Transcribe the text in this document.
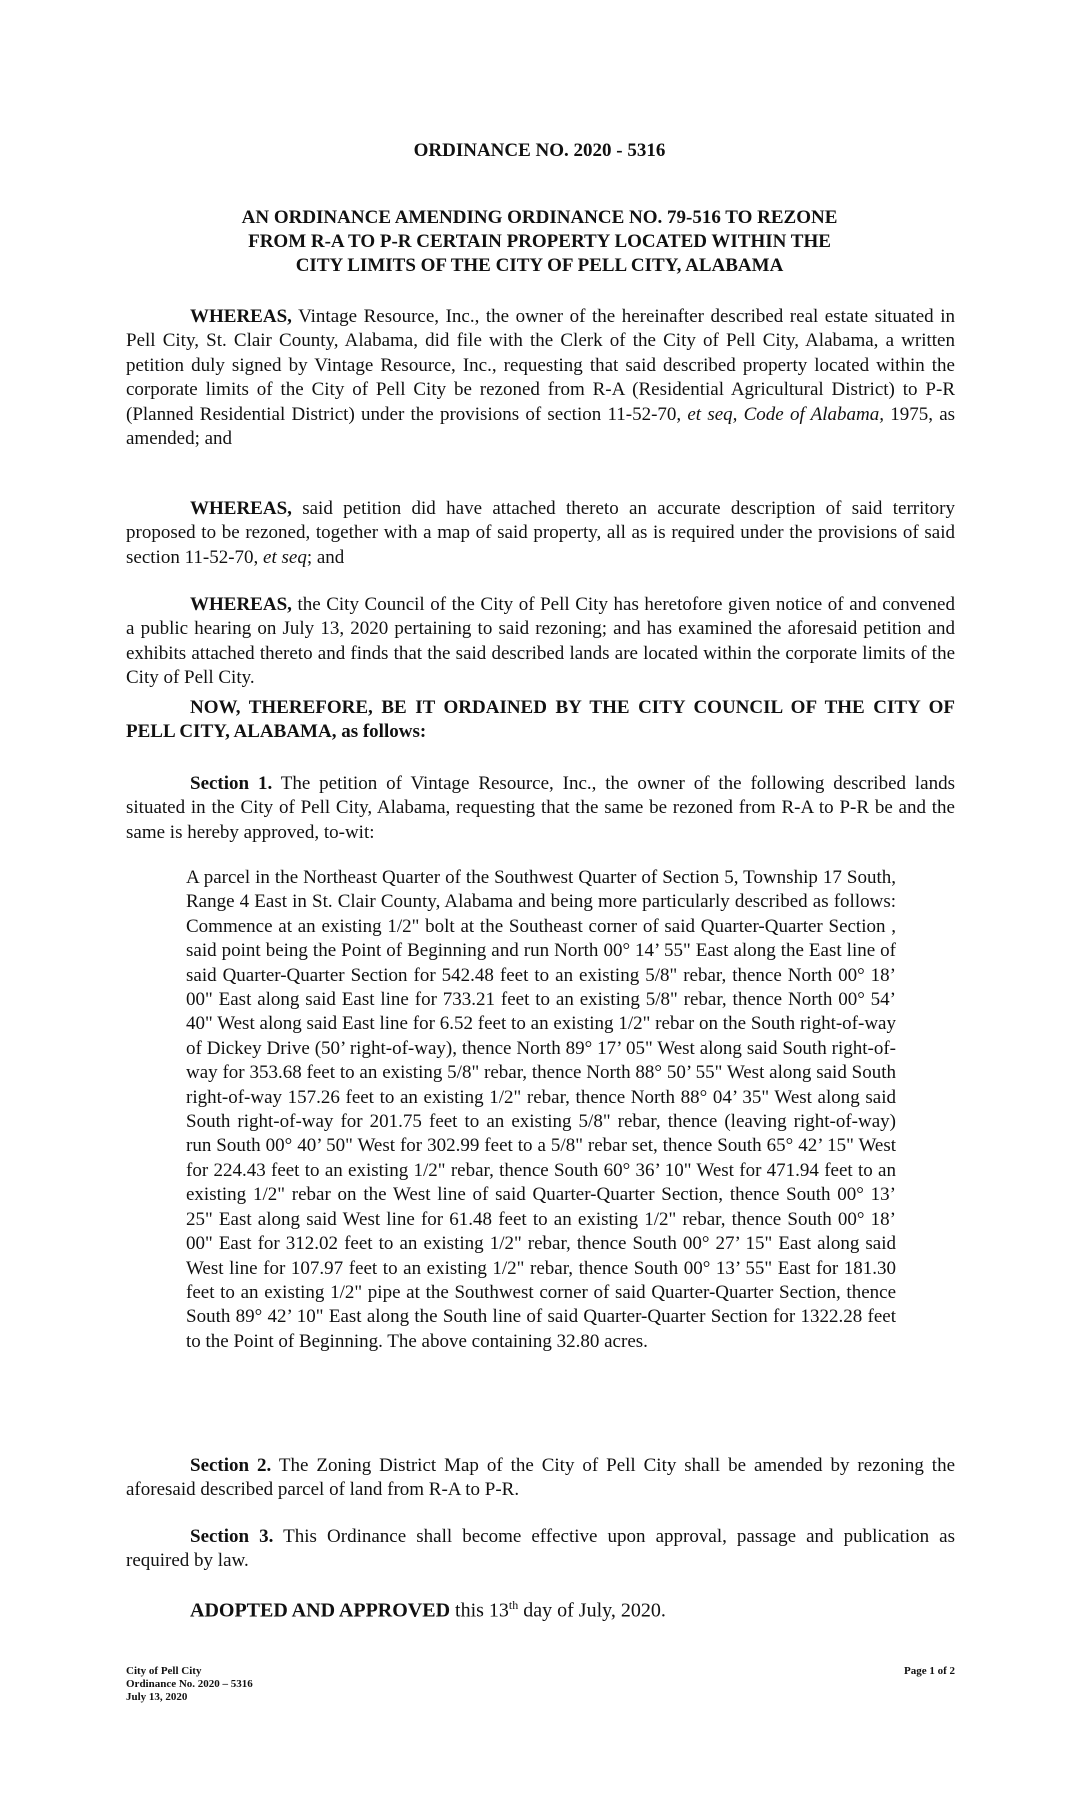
ORDINANCE NO. 2020 - 5316
AN ORDINANCE AMENDING ORDINANCE NO. 79-516 TO REZONE
FROM R-A TO P-R CERTAIN PROPERTY LOCATED WITHIN THE
CITY LIMITS OF THE CITY OF PELL CITY, ALABAMA

WHEREAS, Vintage Resource, Inc., the owner of the hereinafter described real estate situated in Pell City, St. Clair County, Alabama, did file with the Clerk of the City of Pell City, Alabama, a written petition duly signed by Vintage Resource, Inc., requesting that said described property located within the corporate limits of the City of Pell City be rezoned from R-A (Residential Agricultural District) to P-R (Planned Residential District) under the provisions of section 11-52-70, et seq, Code of Alabama, 1975, as amended; and

WHEREAS, said petition did have attached thereto an accurate description of said territory proposed to be rezoned, together with a map of said property, all as is required under the provisions of said section 11-52-70, et seq; and

WHEREAS, the City Council of the City of Pell City has heretofore given notice of and convened a public hearing on July 13, 2020 pertaining to said rezoning; and has examined the aforesaid petition and exhibits attached thereto and finds that the said described lands are located within the corporate limits of the City of Pell City.

NOW, THEREFORE, BE IT ORDAINED BY THE CITY COUNCIL OF THE CITY OF PELL CITY, ALABAMA, as follows:

Section 1. The petition of Vintage Resource, Inc., the owner of the following described lands situated in the City of Pell City, Alabama, requesting that the same be rezoned from R-A to P-R be and the same is hereby approved, to-wit:

A parcel in the Northeast Quarter of the Southwest Quarter of Section 5, Township 17 South, Range 4 East in St. Clair County, Alabama and being more particularly described as follows: Commence at an existing 1/2" bolt at the Southeast corner of said Quarter-Quarter Section , said point being the Point of Beginning and run North 00° 14’ 55" East along the East line of said Quarter-Quarter Section for 542.48 feet to an existing 5/8" rebar, thence North 00° 18’ 00" East along said East line for 733.21 feet to an existing 5/8" rebar, thence North 00° 54’ 40" West along said East line for 6.52 feet to an existing 1/2" rebar on the South right-of-way of Dickey Drive (50’ right-of-way), thence North 89° 17’ 05" West along said South right-of-way for 353.68 feet to an existing 5/8" rebar, thence North 88° 50’ 55" West along said South right-of-way 157.26 feet to an existing 1/2" rebar, thence North 88° 04’ 35" West along said South right-of-way for 201.75 feet to an existing 5/8" rebar, thence (leaving right-of-way) run South 00° 40’ 50" West for 302.99 feet to a 5/8" rebar set, thence South 65° 42’ 15" West for 224.43 feet to an existing 1/2" rebar, thence South 60° 36’ 10" West for 471.94 feet to an existing 1/2" rebar on the West line of said Quarter-Quarter Section, thence South 00° 13’ 25" East along said West line for 61.48 feet to an existing 1/2" rebar, thence South 00° 18’ 00" East for 312.02 feet to an existing 1/2" rebar, thence South 00° 27’ 15" East along said West line for 107.97 feet to an existing 1/2" rebar, thence South 00° 13’ 55" East for 181.30 feet to an existing 1/2" pipe at the Southwest corner of said Quarter-Quarter Section, thence South 89° 42’ 10" East along the South line of said Quarter-Quarter Section for 1322.28 feet to the Point of Beginning. The above containing 32.80 acres.

Section 2. The Zoning District Map of the City of Pell City shall be amended by rezoning the aforesaid described parcel of land from R-A to P-R.

Section 3. This Ordinance shall become effective upon approval, passage and publication as required by law.

ADOPTED AND APPROVED this 13th day of July, 2020.
City of Pell City
Ordinance No. 2020 – 5316
July 13, 2020
Page 1 of 2
